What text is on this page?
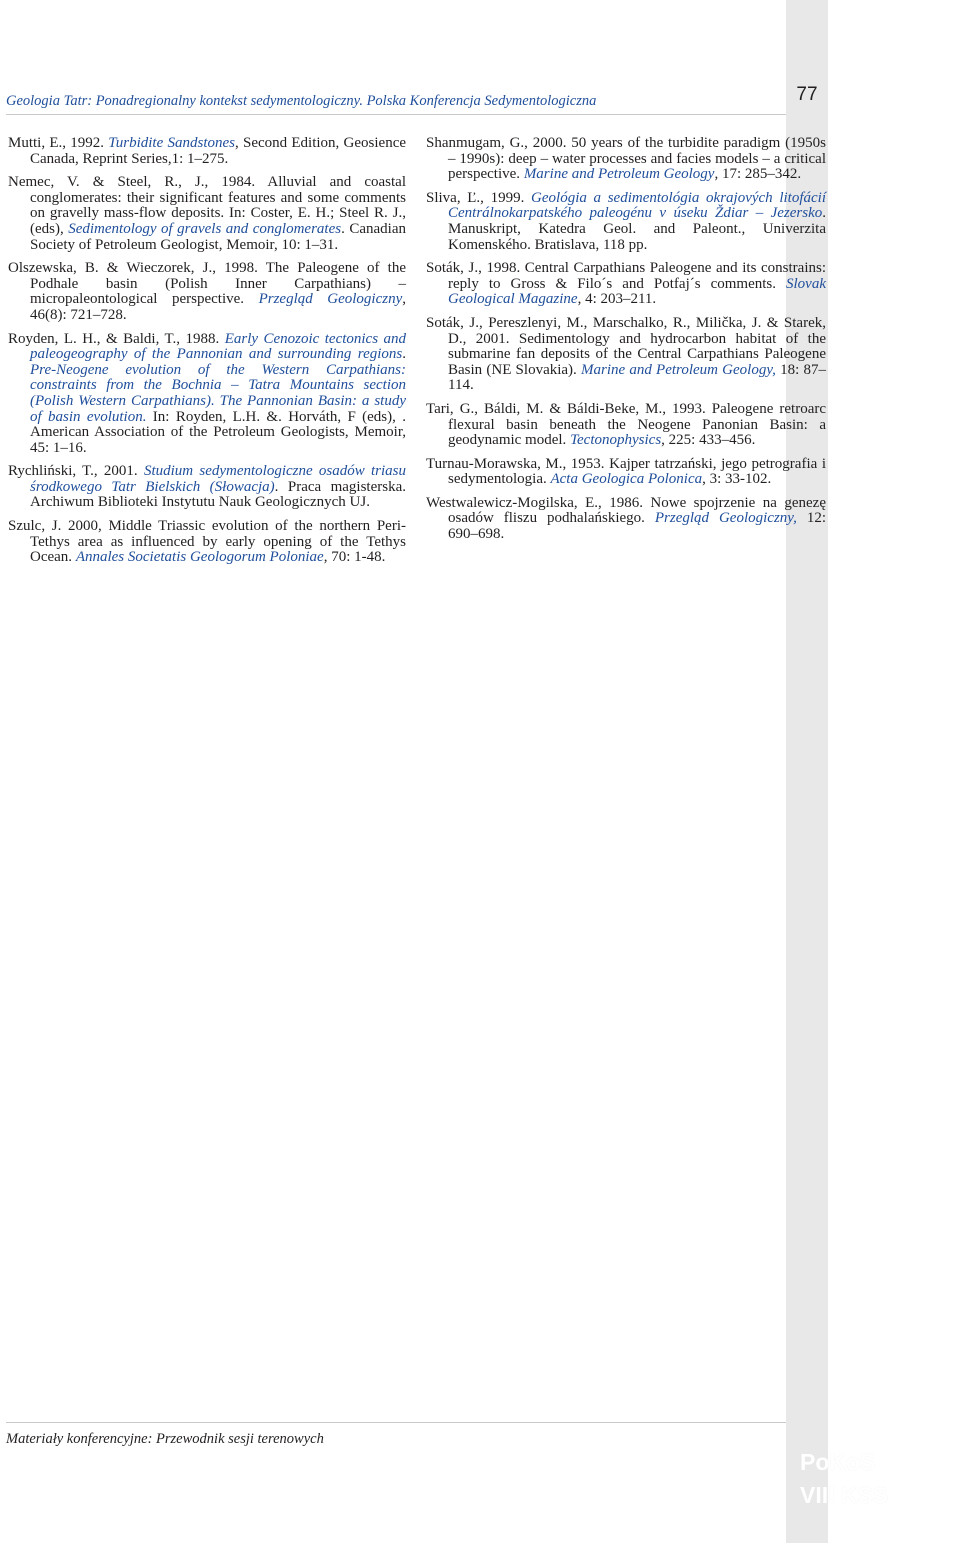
77
Geologia Tatr: Ponadregionalny kontekst sedymentologiczny. Polska Konferencja Sedymentologiczna

Mutti, E., 1992. Turbidite Sandstones, Second Edition, Geosience Canada, Reprint Series,1: 1–275.

Nemec, V. & Steel, R., J., 1984. Alluvial and coastal conglomerates: their significant features and some comments on gravelly mass-flow deposits. In: Coster, E. H.; Steel R. J., (eds), Sedimentology of gravels and conglomerates. Canadian Society of Petroleum Geologist, Memoir, 10: 1–31.

Olszewska, B. & Wieczorek, J., 1998. The Paleogene of the Podhale basin (Polish Inner Carpathians) – micropaleontological perspective. Przegląd Geologiczny, 46(8): 721–728.

Royden, L. H., & Baldi, T., 1988. Early Cenozoic tectonics and paleogeography of the Pannonian and surrounding regions. Pre-Neogene evolution of the Western Carpathians: constraints from the Bochnia – Tatra Mountains section (Polish Western Carpathians). The Pannonian Basin: a study of basin evolution. In: Royden, L.H. &. Horváth, F (eds), . American Association of the Petroleum Geologists, Memoir, 45: 1–16.

Rychliński, T., 2001. Studium sedymentologiczne osadów triasu środkowego Tatr Bielskich (Słowacja). Praca magisterska. Archiwum Biblioteki Instytutu Nauk Geologicznych UJ.

Szulc, J. 2000, Middle Triassic evolution of the northern Peri-Tethys area as influenced by early opening of the Tethys Ocean. Annales Societatis Geologorum Poloniae, 70: 1-48.

Shanmugam, G., 2000. 50 years of the turbidite paradigm (1950s – 1990s): deep – water processes and facies models – a critical perspective. Marine and Petroleum Geology, 17: 285–342.

Sliva, Ľ., 1999. Geológia a sedimentológia okrajových litofácií Centrálnokarpatského paleogénu v úseku Ždiar – Jezersko. Manuskript, Katedra Geol. and Paleont., Univerzita Komenského. Bratislava, 118 pp.

Soták, J., 1998. Central Carpathians Paleogene and its constrains: reply to Gross & Filo´s and Potfaj´s comments. Slovak Geological Magazine, 4: 203–211.

Soták, J., Pereszlenyi, M., Marschalko, R., Milička, J. & Starek, D., 2001. Sedimentology and hydrocarbon habitat of the submarine fan deposits of the Central Carpathians Paleogene Basin (NE Slovakia). Marine and Petroleum Geology, 18: 87–114.

Tari, G., Báldi, M. & Báldi-Beke, M., 1993. Paleogene retroarc flexural basin beneath the Neogene Panonian Basin: a geodynamic model. Tectonophysics, 225: 433–456.

Turnau-Morawska, M., 1953. Kajper tatrzański, jego petrografia i sedymentologia. Acta Geologica Polonica, 3: 33-102.

Westwalewicz-Mogilska, E., 1986. Nowe spojrzenie na genezę osadów fliszu podhalańskiego. Przegląd Geologiczny, 12: 690–698.

Materiały konferencyjne: Przewodnik sesji terenowych
PoKoS
VIII KSS
